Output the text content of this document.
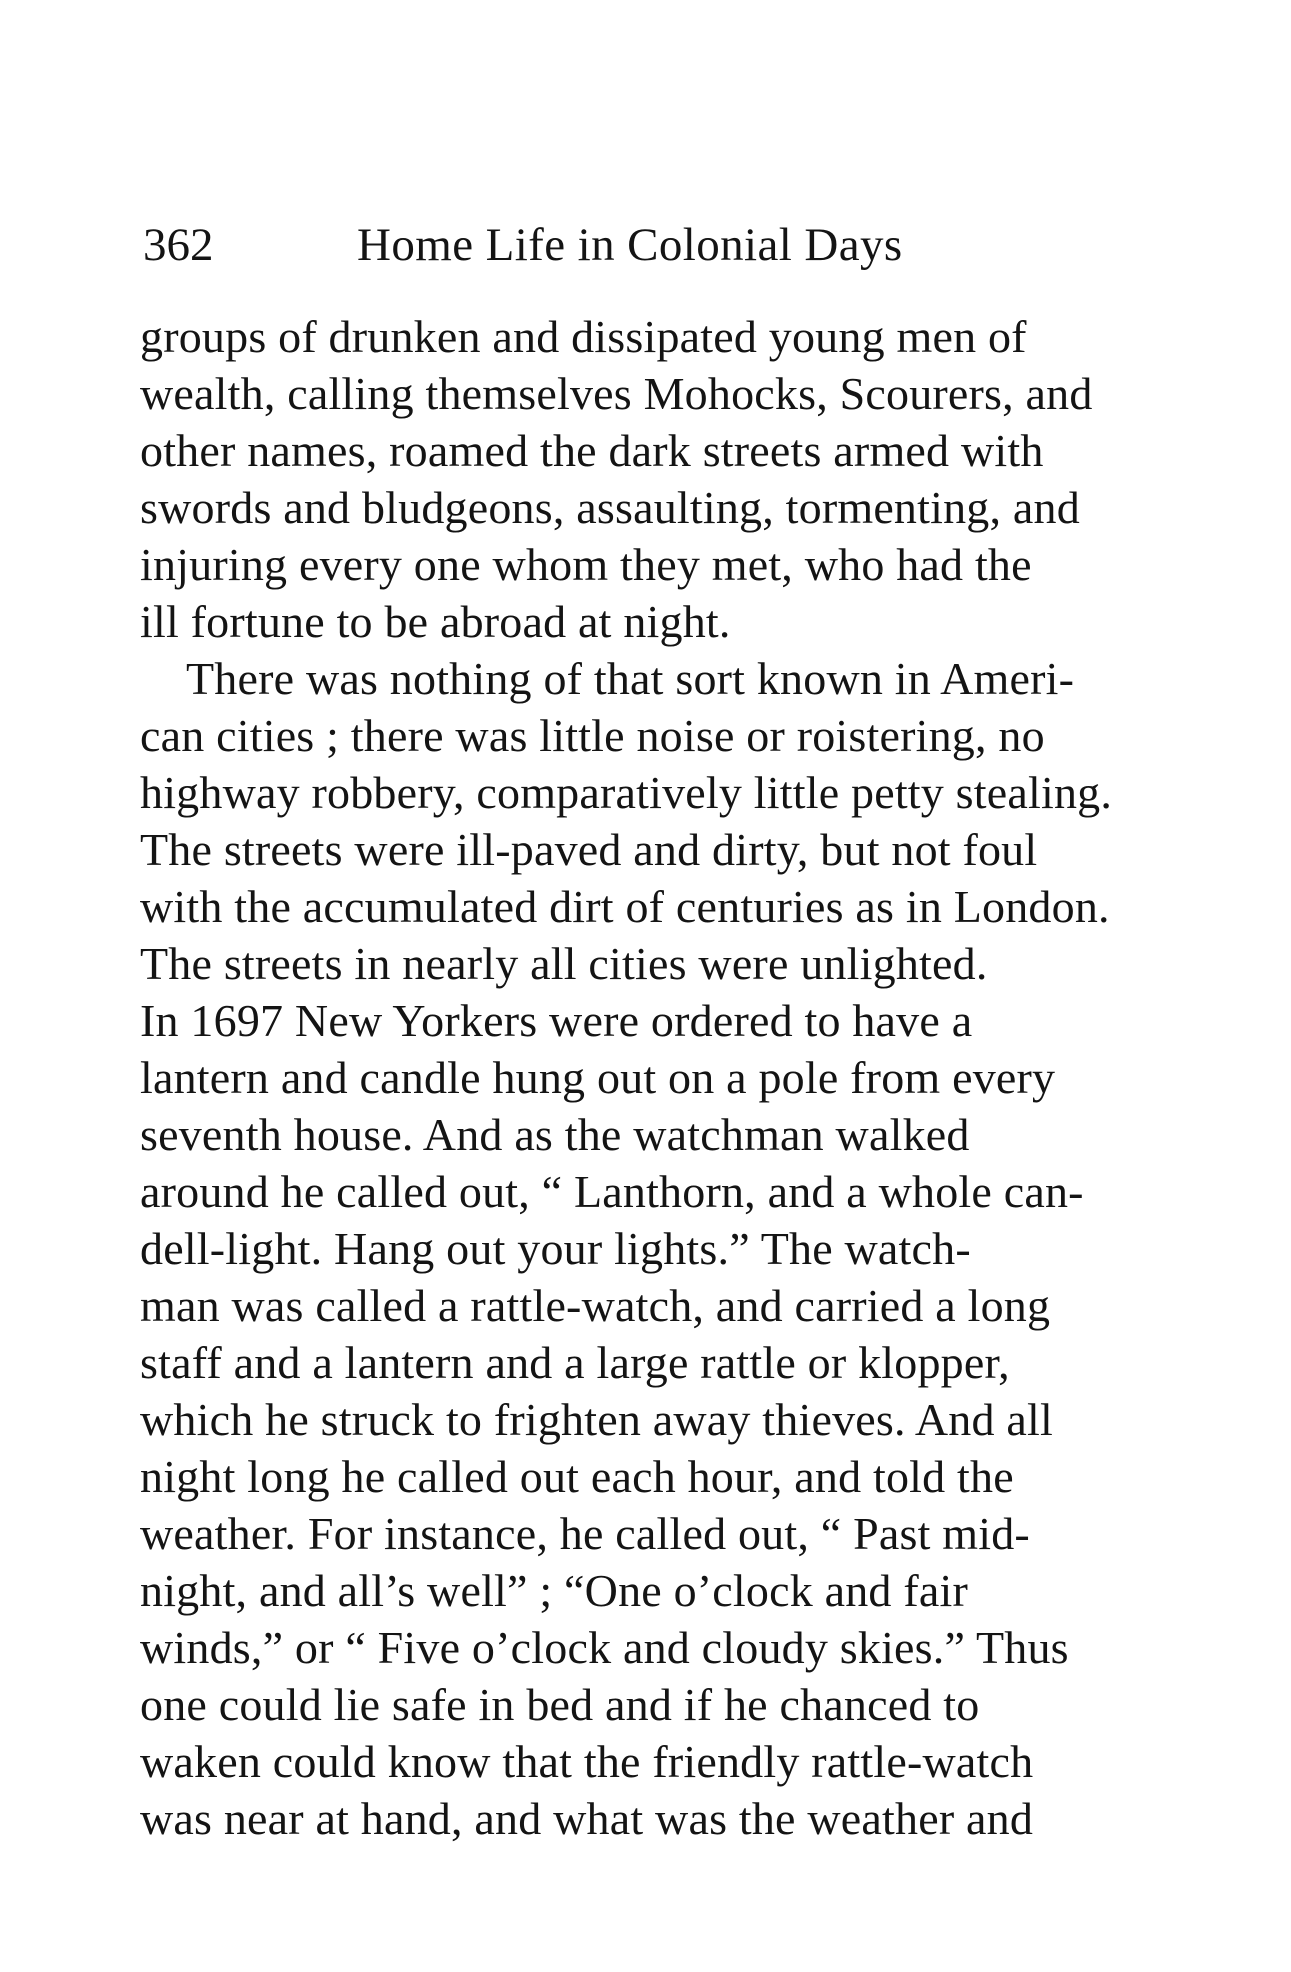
362	Home Life in Colonial Days
groups of drunken and dissipated young men of
wealth, calling themselves Mohocks, Scourers, and
other names, roamed the dark streets armed with
swords and bludgeons, assaulting, tormenting, and
injuring every one whom they met, who had the
ill fortune to be abroad at night.
There was nothing of that sort known in Ameri-
can cities ; there was little noise or roistering, no
highway robbery, comparatively little petty stealing.
The streets were ill-paved and dirty, but not foul
with the accumulated dirt of centuries as in London.
The streets in nearly all cities were unlighted.
In 1697 New Yorkers were ordered to have a
lantern and candle hung out on a pole from every
seventh house. And as the watchman walked
around he called out, “ Lanthorn, and a whole can-
dell-light. Hang out your lights.” The watch-
man was called a rattle-watch, and carried a long
staff and a lantern and a large rattle or klopper,
which he struck to frighten away thieves. And all
night long he called out each hour, and told the
weather. For instance, he called out, “ Past mid-
night, and all’s well” ; “One o’clock and fair
winds,” or “ Five o’clock and cloudy skies.” Thus
one could lie safe in bed and if he chanced to
waken could know that the friendly rattle-watch
was near at hand, and what was the weather and
